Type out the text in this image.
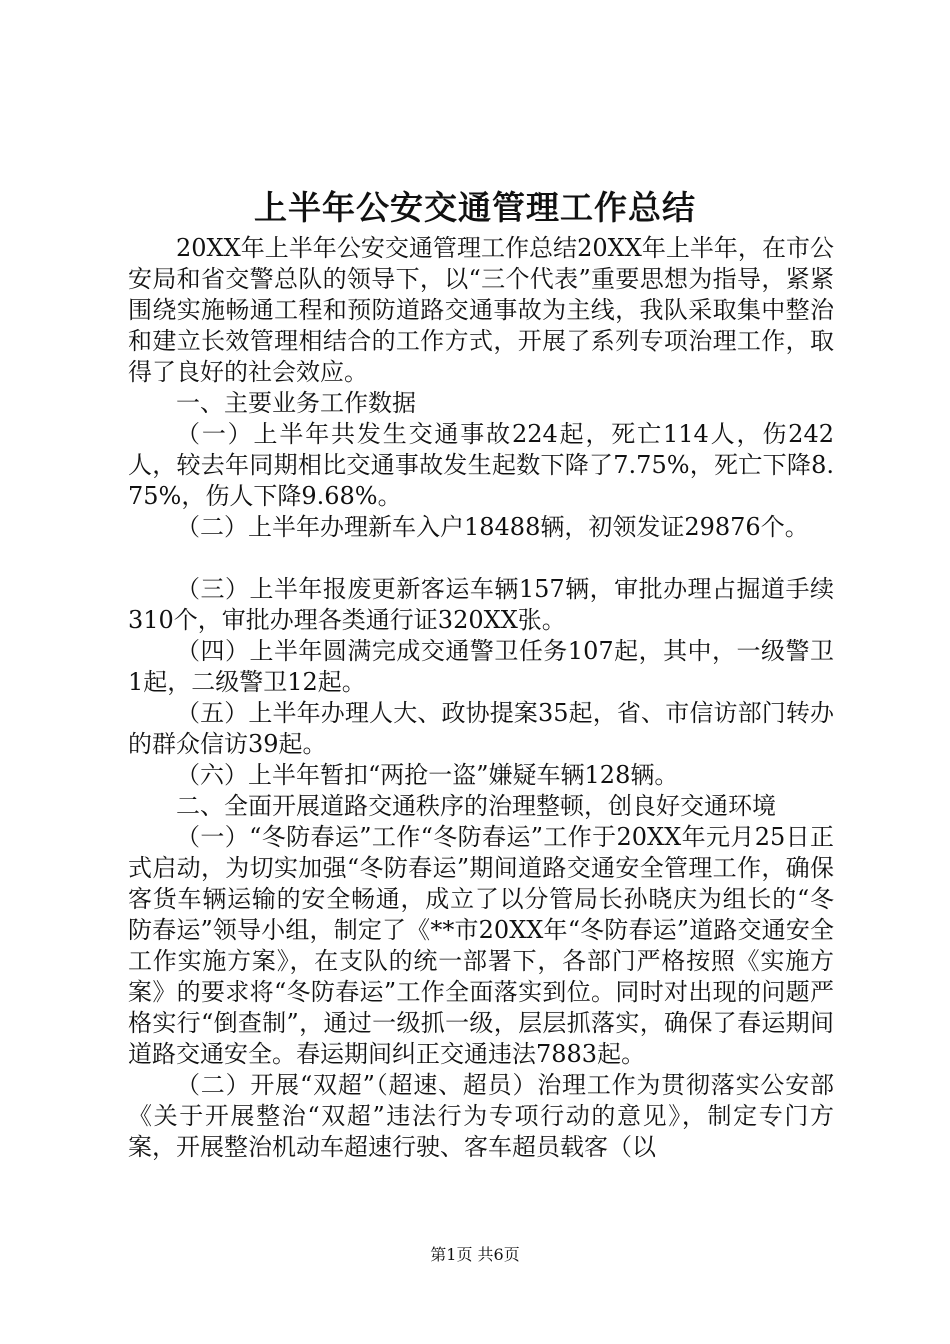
上半年公安交通管理工作总结

20XX年上半年公安交通管理工作总结20XX年上半年，在市公安局和省交警总队的领导下，以“三个代表”重要思想为指导，紧紧围绕实施畅通工程和预防道路交通事故为主线，我队采取集中整治和建立长效管理相结合的工作方式，开展了系列专项治理工作，取得了良好的社会效应。

一、主要业务工作数据

（一）上半年共发生交通事故224起，死亡114人，伤242人，较去年同期相比交通事故发生起数下降了7.75%，死亡下降8.75%，伤人下降9.68%。

（二）上半年办理新车入户18488辆，初领发证29876个。

（三）上半年报废更新客运车辆157辆，审批办理占掘道手续310个，审批办理各类通行证320XX张。

（四）上半年圆满完成交通警卫任务107起，其中，一级警卫1起，二级警卫12起。

（五）上半年办理人大、政协提案35起，省、市信访部门转办的群众信访39起。

（六）上半年暂扣“两抢一盗”嫌疑车辆128辆。

二、全面开展道路交通秩序的治理整顿，创良好交通环境

（一）“冬防春运”工作“冬防春运”工作于20XX年元月25日正式启动，为切实加强“冬防春运”期间道路交通安全管理工作，确保客货车辆运输的安全畅通，成立了以分管局长孙晓庆为组长的“冬防春运”领导小组，制定了《**市20XX年“冬防春运”道路交通安全工作实施方案》，在支队的统一部署下，各部门严格按照《实施方案》的要求将“冬防春运”工作全面落实到位。同时对出现的问题严格实行“倒查制”，通过一级抓一级，层层抓落实，确保了春运期间道路交通安全。春运期间纠正交通违法7883起。

（二）开展“双超”（超速、超员）治理工作为贯彻落实公安部《关于开展整治“双超”违法行为专项行动的意见》，制定专门方案，开展整治机动车超速行驶、客车超员载客（以

第1页 共6页
